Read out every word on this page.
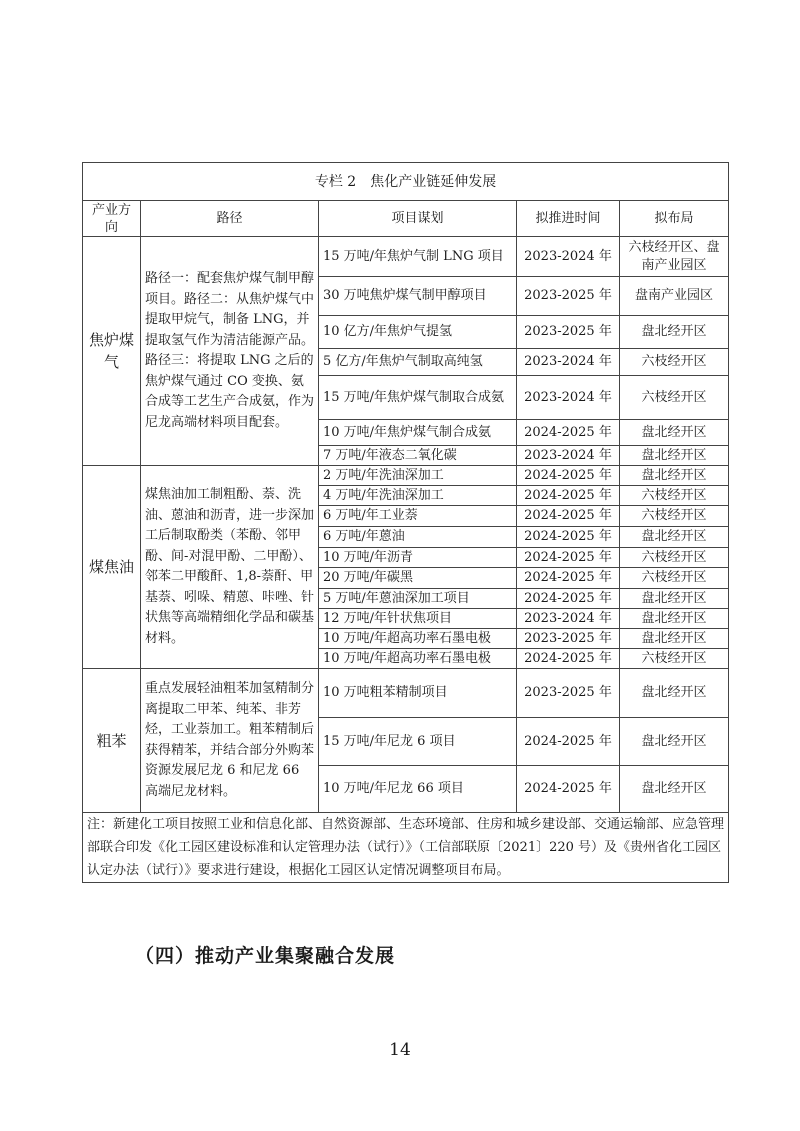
专栏 2　焦化产业链延伸发展				
产业方向	路径	项目谋划	拟推进时间	拟布局
焦炉煤气	路径一：配套焦炉煤气制甲醇项目。路径二：从焦炉煤气中提取甲烷气，制备 LNG，并提取氢气作为清洁能源产品。路径三：将提取 LNG 之后的焦炉煤气通过 CO 变换、氨合成等工艺生产合成氨，作为尼龙高端材料项目配套。	15 万吨/年焦炉气制 LNG 项目	2023-2024 年	六枝经开区、盘南产业园区
		30 万吨焦炉煤气制甲醇项目	2023-2025 年	盘南产业园区
		10 亿方/年焦炉气提氢	2023-2025 年	盘北经开区
		5 亿方/年焦炉气制取高纯氢	2023-2024 年	六枝经开区
		15 万吨/年焦炉煤气制取合成氨	2023-2024 年	六枝经开区
		10 万吨/年焦炉煤气制合成氨	2024-2025 年	盘北经开区
		7 万吨/年液态二氧化碳	2023-2024 年	盘北经开区
煤焦油	煤焦油加工制粗酚、萘、洗油、蒽油和沥青，进一步深加工后制取酚类（苯酚、邻甲酚、间-对混甲酚、二甲酚）、邻苯二甲酸酐、1,8-萘酐、甲基萘、吲哚、精蒽、咔唑、针状焦等高端精细化学品和碳基材料。	2 万吨/年洗油深加工	2024-2025 年	盘北经开区
		4 万吨/年洗油深加工	2024-2025 年	六枝经开区
		6 万吨/年工业萘	2024-2025 年	六枝经开区
		6 万吨/年蒽油	2024-2025 年	盘北经开区
		10 万吨/年沥青	2024-2025 年	六枝经开区
		20 万吨/年碳黑	2024-2025 年	六枝经开区
		5 万吨/年蒽油深加工项目	2024-2025 年	盘北经开区
		12 万吨/年针状焦项目	2023-2024 年	盘北经开区
		10 万吨/年超高功率石墨电极	2023-2025 年	盘北经开区
		10 万吨/年超高功率石墨电极	2024-2025 年	六枝经开区
粗苯	重点发展轻油粗苯加氢精制分离提取二甲苯、纯苯、非芳烃，工业萘加工。粗苯精制后获得精苯，并结合部分外购苯资源发展尼龙 6 和尼龙 66 高端尼龙材料。	10 万吨粗苯精制项目	2023-2025 年	盘北经开区
		15 万吨/年尼龙 6 项目	2024-2025 年	盘北经开区
		10 万吨/年尼龙 66 项目	2024-2025 年	盘北经开区
注：新建化工项目按照工业和信息化部、自然资源部、生态环境部、住房和城乡建设部、交通运输部、应急管理部联合印发《化工园区建设标准和认定管理办法（试行）》（工信部联原〔2021〕220 号）及《贵州省化工园区认定办法（试行）》要求进行建设，根据化工园区认定情况调整项目布局。				
（四）推动产业集聚融合发展
14
